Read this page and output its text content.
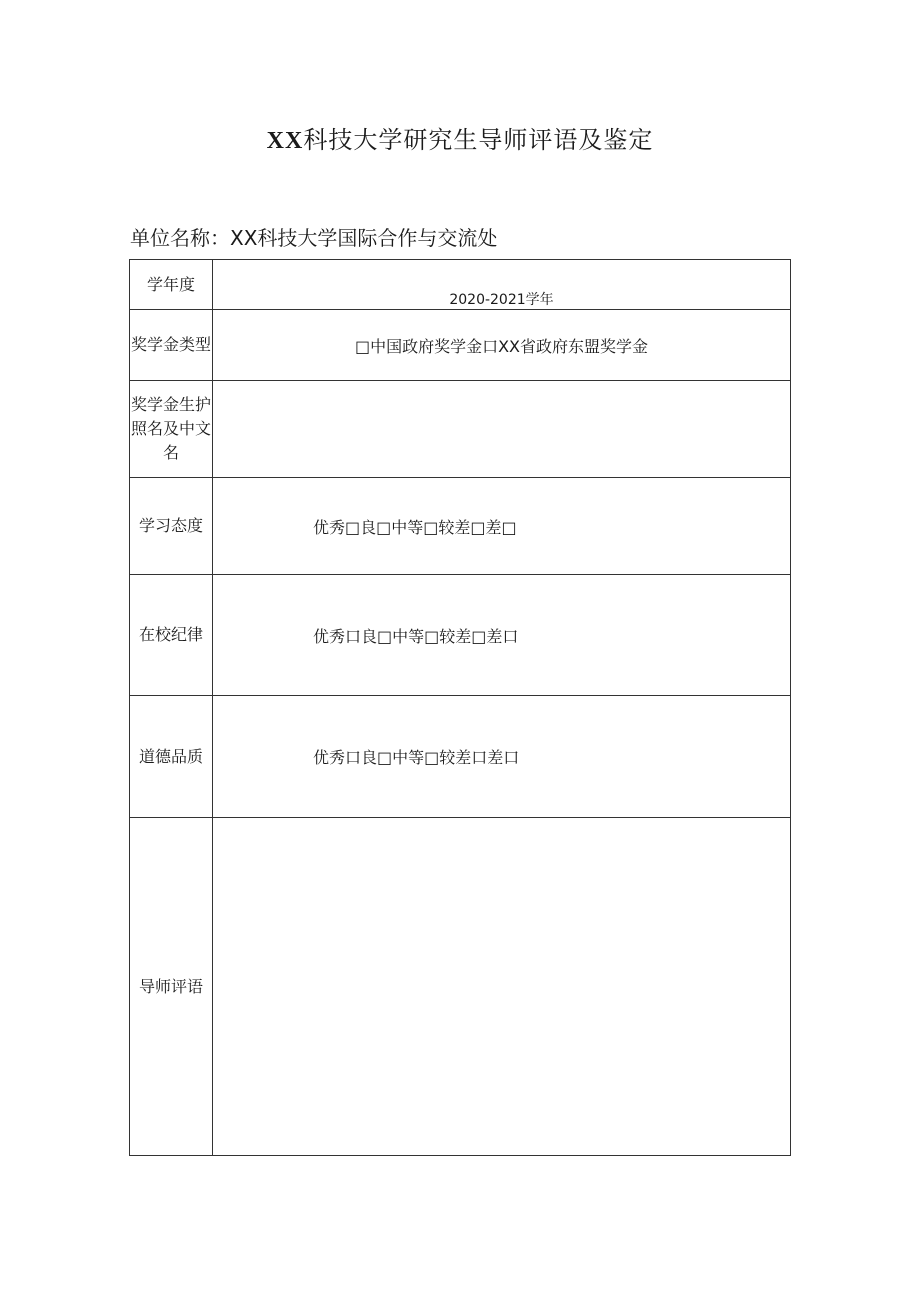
XX科技大学研究生导师评语及鉴定
单位名称：XX科技大学国际合作与交流处
学年度	2020-2021学年
奖学金类型	□中国政府奖学金口XX省政府东盟奖学金
奖学金生护照名及中文名	
学习态度	优秀□良□中等□较差□差□
在校纪律	优秀口良□中等□较差□差口
道德品质	优秀口良□中等□较差口差口
导师评语	
